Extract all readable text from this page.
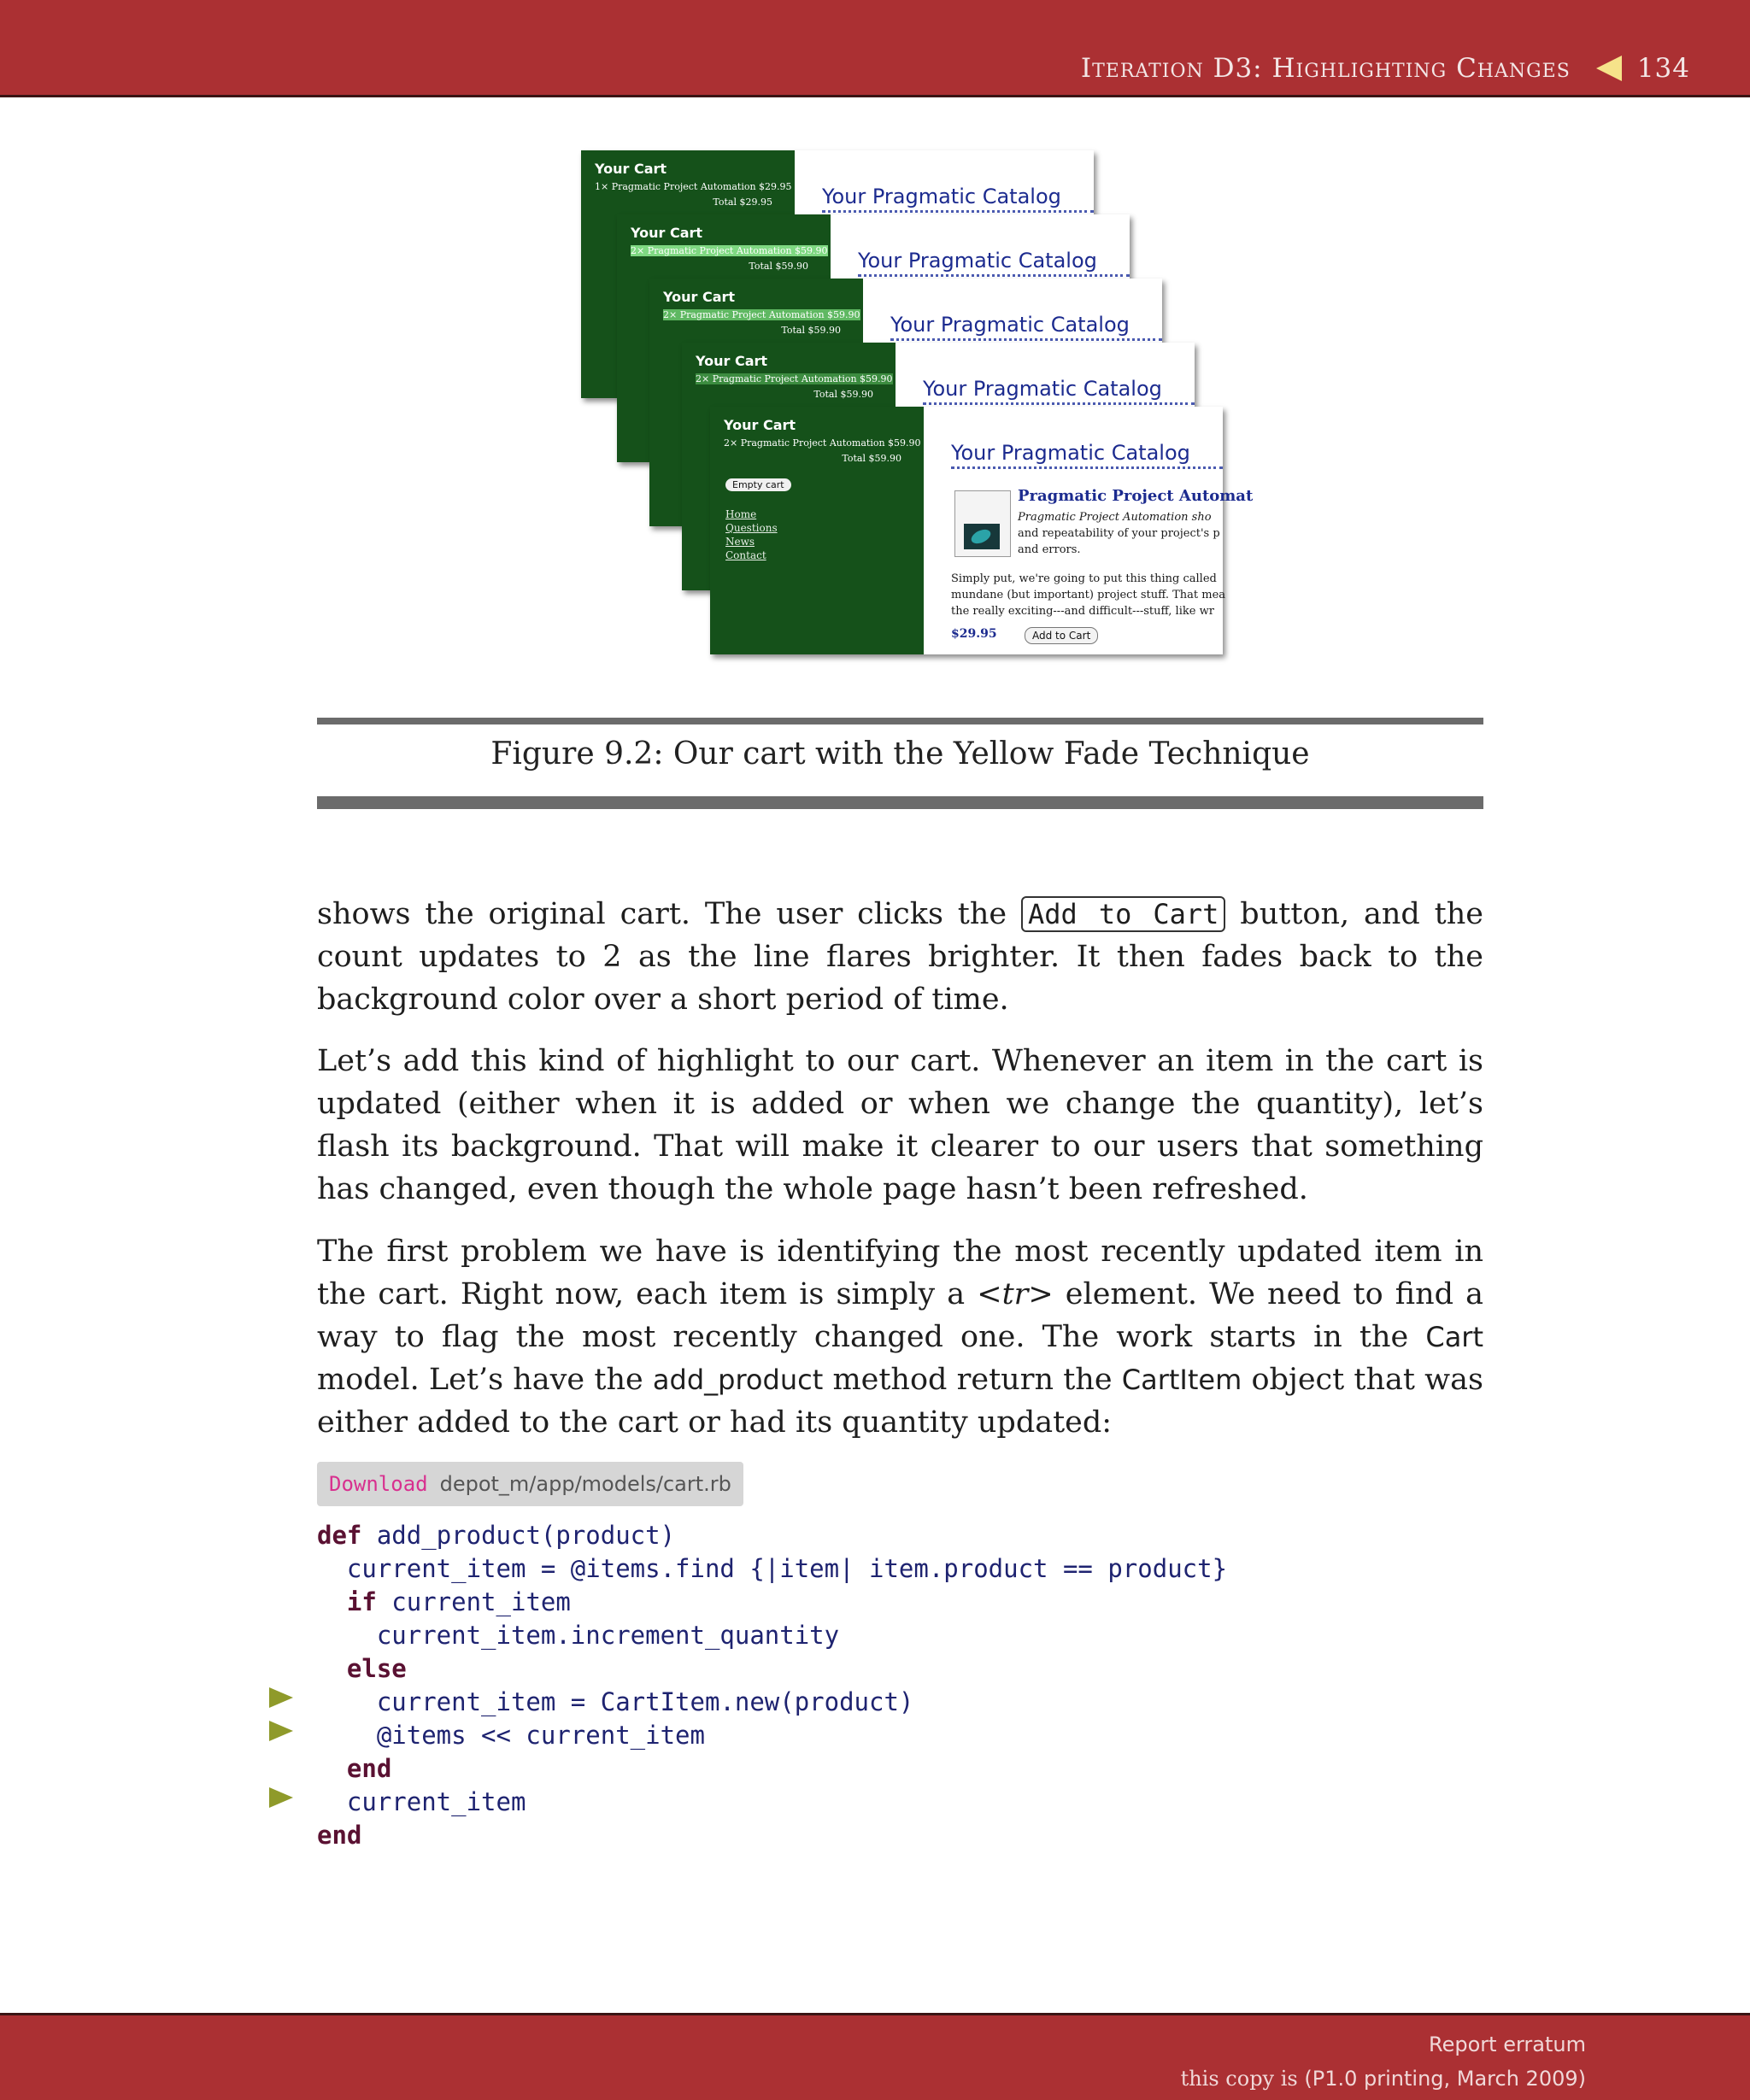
Iteration D3: Highlighting Changes	134
Your Cart
1× Pragmatic Project Automation $29.95
Total $29.95 Your Pragmatic Catalog
Your Cart
2× Pragmatic Project Automation $59.90
Total $59.90 Your Pragmatic Catalog
Your Cart
2× Pragmatic Project Automation $59.90
Total $59.90 Your Pragmatic Catalog
Your Cart
2× Pragmatic Project Automation $59.90
Total $59.90 Your Pragmatic Catalog
Your Cart
2× Pragmatic Project Automation $59.90
Total $59.90
Empty cart
Home
Questions
News
Contact
Your Pragmatic Catalog
Pragmatic Project Automat
Pragmatic Project Automation sho
and repeatability of your project's p
and errors.
Simply put, we're going to put this thing called
mundane (but important) project stuff. That mea
the really exciting---and difficult---stuff, like wr
$29.95	Add to Cart
Figure 9.2: Our cart with the Yellow Fade Technique
shows the original cart. The user clicks the Add to Cart button, and the count updates to 2 as the line flares brighter. It then fades back to the background color over a short period of time.
Let’s add this kind of highlight to our cart. Whenever an item in the cart is updated (either when it is added or when we change the quantity), let’s flash its background. That will make it clearer to our users that something has changed, even though the whole page hasn’t been refreshed.
The first problem we have is identifying the most recently updated item in the cart. Right now, each item is simply a <tr> element. We need to find a way to flag the most recently changed one. The work starts in the Cart model. Let’s have the add_product method return the CartItem object that was either added to the cart or had its quantity updated:
Download depot_m/app/models/cart.rb
def add_product(product)
current_item = @items.find {|item| item.product == product}
if current_item
current_item.increment_quantity
else
current_item = CartItem.new(product)
@items << current_item
end
current_item
end
Report erratum
this copy is (P1.0 printing, March 2009)
